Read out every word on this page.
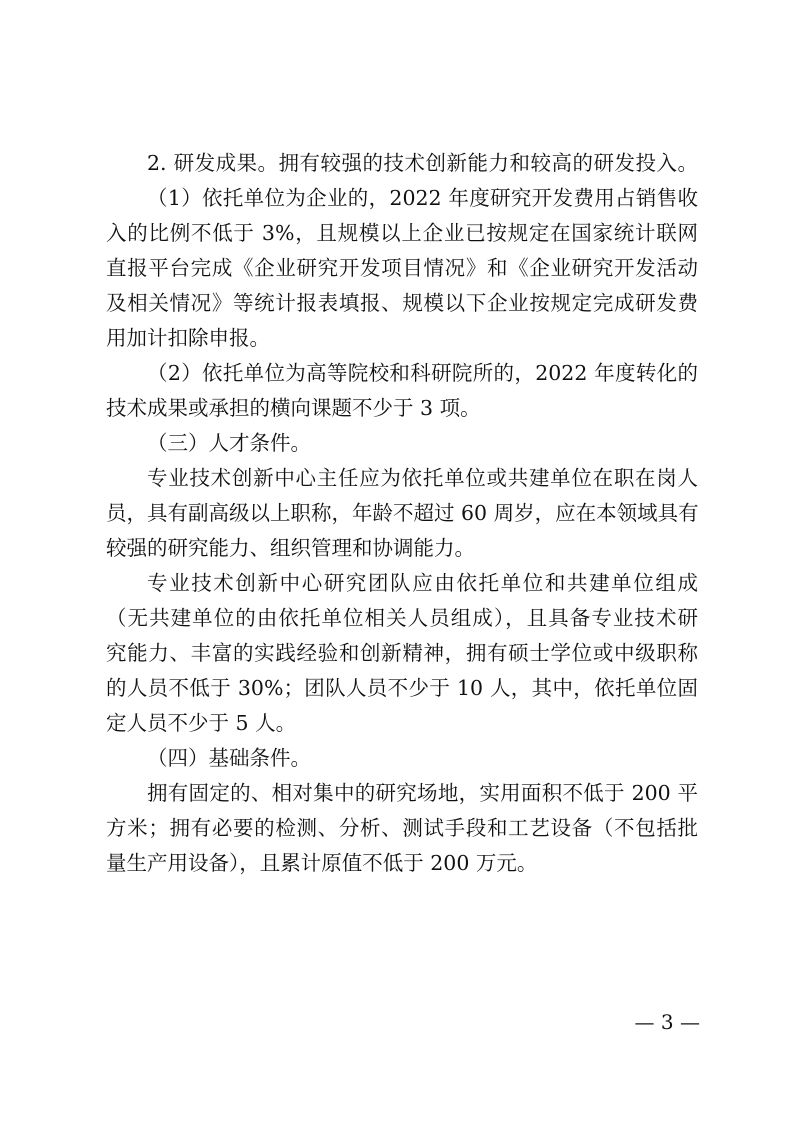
2. 研发成果。拥有较强的技术创新能力和较高的研发投入。
（1）依托单位为企业的，2022 年度研究开发费用占销售收
入的比例不低于 3%，且规模以上企业已按规定在国家统计联网
直报平台完成《企业研究开发项目情况》和《企业研究开发活动
及相关情况》等统计报表填报、规模以下企业按规定完成研发费
用加计扣除申报。
（2）依托单位为高等院校和科研院所的，2022 年度转化的
技术成果或承担的横向课题不少于 3 项。
（三）人才条件。
专业技术创新中心主任应为依托单位或共建单位在职在岗人
员，具有副高级以上职称，年龄不超过 60 周岁，应在本领域具有
较强的研究能力、组织管理和协调能力。
专业技术创新中心研究团队应由依托单位和共建单位组成
（无共建单位的由依托单位相关人员组成），且具备专业技术研
究能力、丰富的实践经验和创新精神，拥有硕士学位或中级职称
的人员不低于 30%；团队人员不少于 10 人，其中，依托单位固
定人员不少于 5 人。
（四）基础条件。
拥有固定的、相对集中的研究场地，实用面积不低于 200 平
方米；拥有必要的检测、分析、测试手段和工艺设备（不包括批
量生产用设备），且累计原值不低于 200 万元。
— 3 —
